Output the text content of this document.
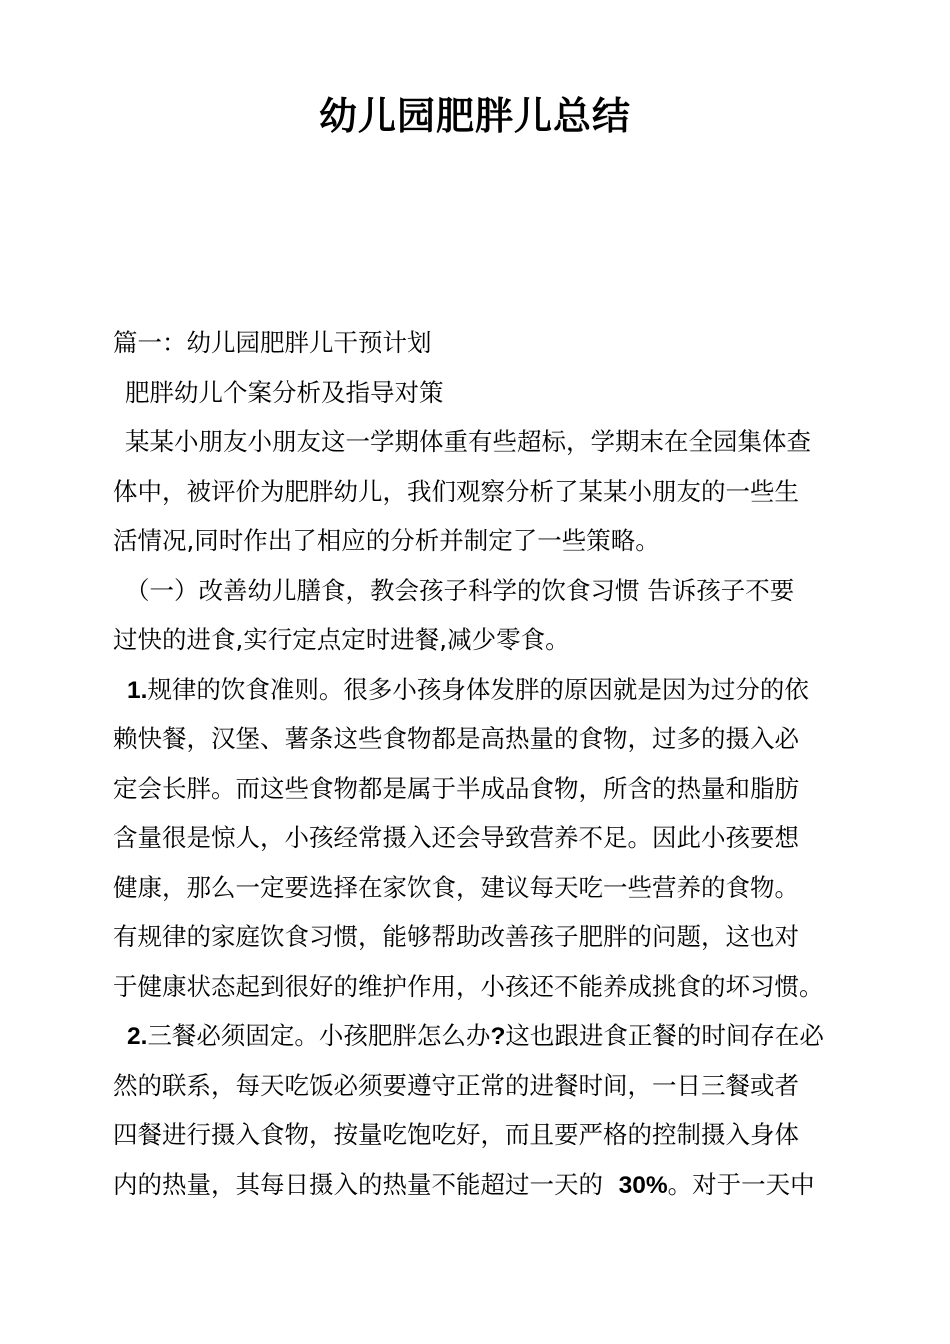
幼儿园肥胖儿总结
篇一：幼儿园肥胖儿干预计划
肥胖幼儿个案分析及指导对策
某某小朋友小朋友这一学期体重有些超标，学期末在全园集体查
体中，被评价为肥胖幼儿，我们观察分析了某某小朋友的一些生
活情况,同时作出了相应的分析并制定了一些策略。
（一）改善幼儿膳食，教会孩子科学的饮食习惯 告诉孩子不要
过快的进食,实行定点定时进餐,减少零食。
1.规律的饮食准则。很多小孩身体发胖的原因就是因为过分的依
赖快餐，汉堡、薯条这些食物都是高热量的食物，过多的摄入必
定会长胖。而这些食物都是属于半成品食物，所含的热量和脂肪
含量很是惊人，小孩经常摄入还会导致营养不足。因此小孩要想
健康，那么一定要选择在家饮食，建议每天吃一些营养的食物。
有规律的家庭饮食习惯，能够帮助改善孩子肥胖的问题，这也对
于健康状态起到很好的维护作用，小孩还不能养成挑食的坏习惯。
2.三餐必须固定。小孩肥胖怎么办?这也跟进食正餐的时间存在必
然的联系，每天吃饭必须要遵守正常的进餐时间，一日三餐或者
四餐进行摄入食物，按量吃饱吃好，而且要严格的控制摄入身体
内的热量，其每日摄入的热量不能超过一天的 30%。对于一天中
